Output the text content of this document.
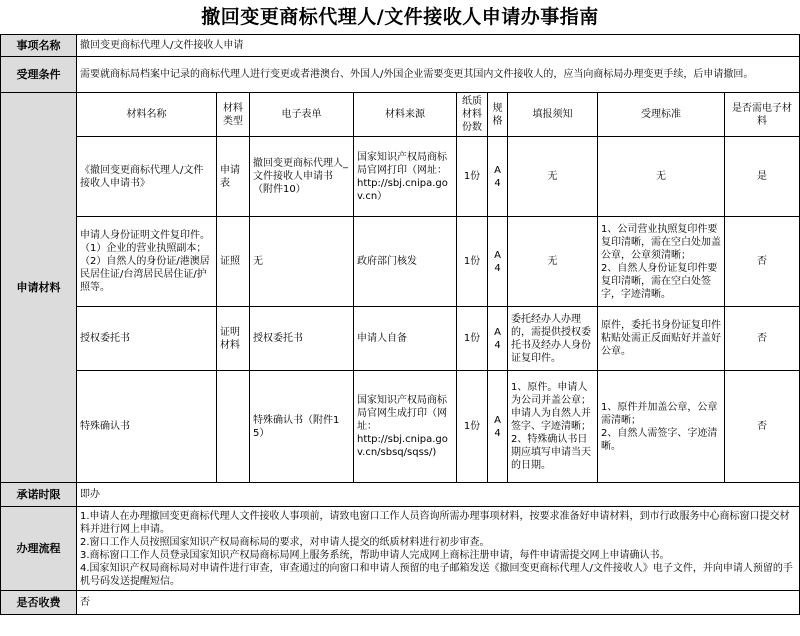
撤回变更商标代理人/文件接收人申请办事指南
事项名称	撤回变更商标代理人/文件接收人申请								
受理条件	需要就商标局档案中记录的商标代理人进行变更或者港澳台、外国人/外国企业需要变更其国内文件接收人的，应当向商标局办理变更手续，后申请撤回。								
申请材料	材料名称	材料类型	电子表单	材料来源	纸质材料份数	规格	填报须知	受理标准	是否需电子材料
	《撤回变更商标代理人/文件接收人申请书》	申请表	撤回变更商标代理人_文件接收人申请书（附件10）	国家知识产权局商标局官网打印（网址：
http://sbj.cnipa.gov.cn）	1份	A4	无	无	是
	申请人身份证明文件复印件。（1）企业的营业执照副本；（2）自然人的身份证/港澳居民居住证/台湾居民居住证/护照等。	证照	无	政府部门核发	1份	A4	无	1、公司营业执照复印件要复印清晰，需在空白处加盖公章，公章须清晰；
2、自然人身份证复印件要复印清晰，需在空白处签字，字迹清晰。	否
	授权委托书	证明材料	授权委托书	申请人自备	1份	A4	委托经办人办理的，需提供授权委托书及经办人身份证复印件。	原件，委托书身份证复印件粘贴处需正反面贴好并盖好公章。	否
	特殊确认书		特殊确认书（附件15）	国家知识产权局商标局官网生成打印（网址：
http://sbj.cnipa.gov.cn/sbsq/sqss/)	1份	A4	1、原件。申请人为公司并盖公章；申请人为自然人并签字、字迹清晰；
2、特殊确认书日期应填写申请当天的日期。	1、原件并加盖公章，公章需清晰；
2、自然人需签字、字迹清晰。	否
承诺时限	即办								
办理流程	1.申请人在办理撤回变更商标代理人文件接收人事项前，请致电窗口工作人员咨询所需办理事项材料，按要求准备好申请材料，到市行政服务中心商标窗口提交材料并进行网上申请。
2.窗口工作人员按照国家知识产权局商标局的要求，对申请人提交的纸质材料进行初步审查。
3.商标窗口工作人员登录国家知识产权局商标局网上服务系统，帮助申请人完成网上商标注册申请，每件申请需提交网上申请确认书。
4.国家知识产权局商标局对申请件进行审查，审查通过的向窗口和申请人预留的电子邮箱发送《撤回变更商标代理人/文件接收人》电子文件，并向申请人预留的手机号码发送提醒短信。								

是否收费	否								
